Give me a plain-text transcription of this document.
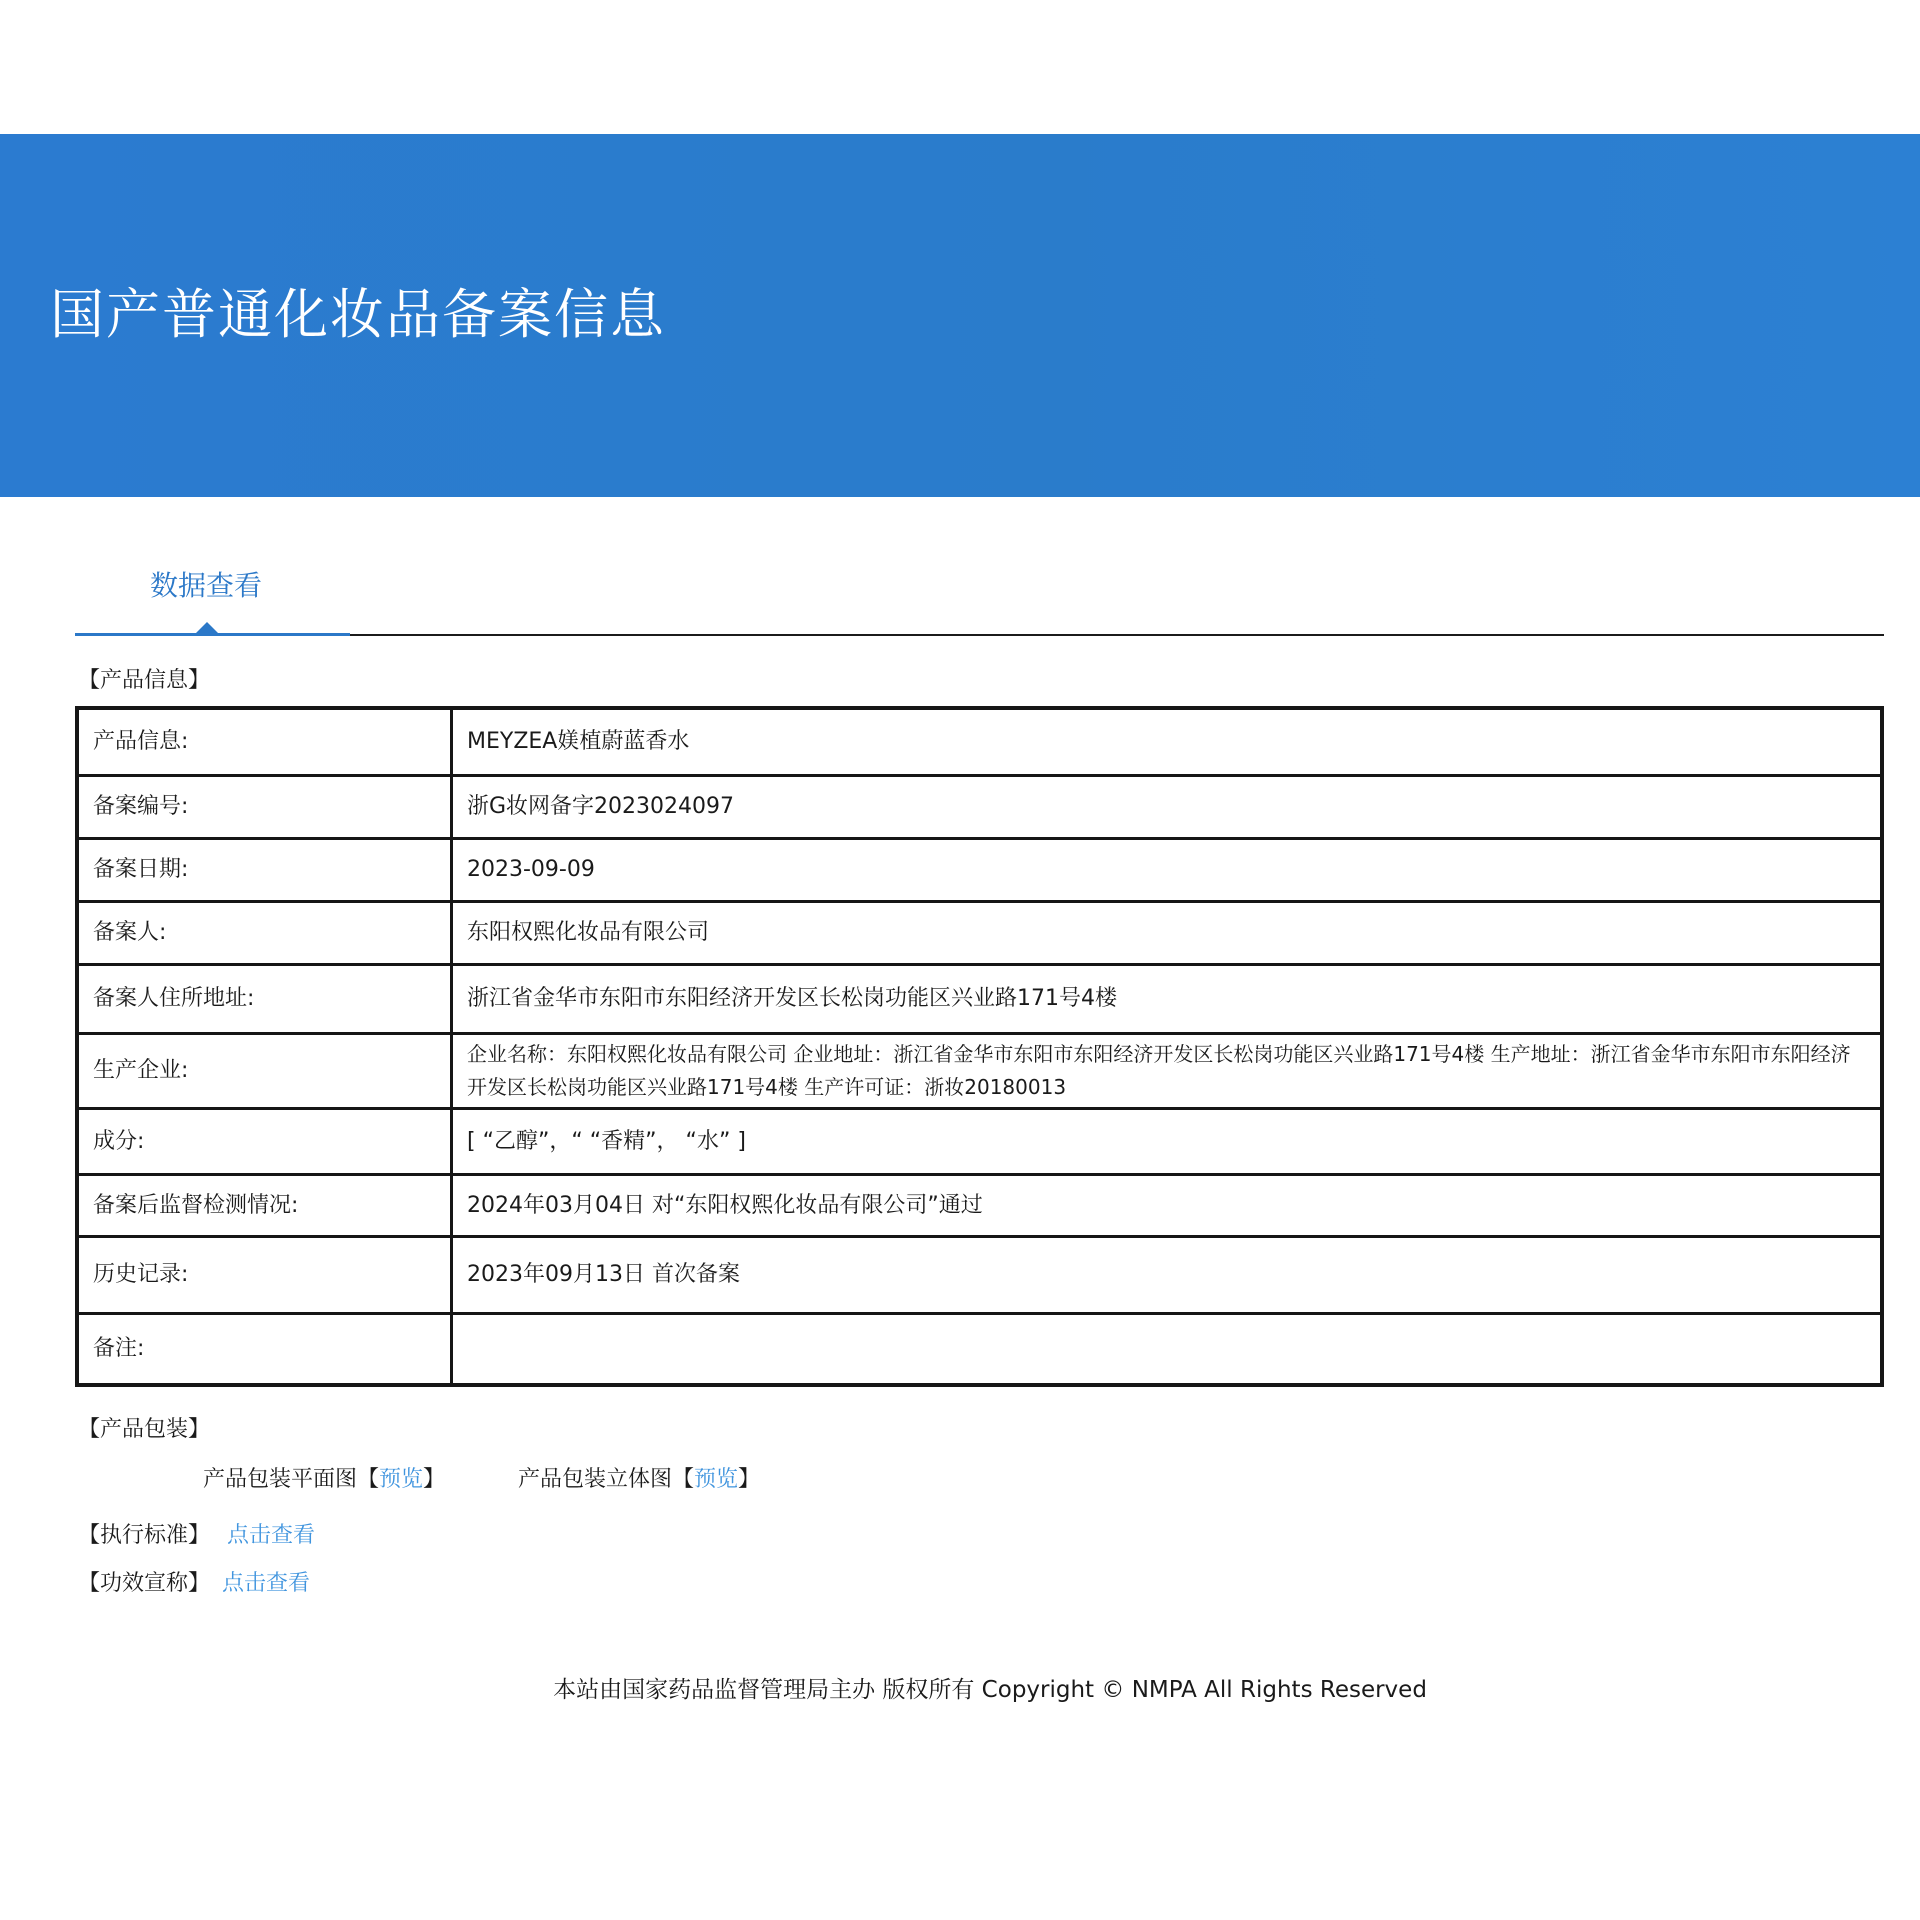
国产普通化妆品备案信息
数据查看
【产品信息】
产品信息:	MEYZEA媄植蔚蓝香水
备案编号:	浙G妆网备字2023024097
备案日期:	2023-09-09
备案人:	东阳权熙化妆品有限公司
备案人住所地址:	浙江省金华市东阳市东阳经济开发区长松岗功能区兴业路171号4楼
生产企业:	企业名称：东阳权熙化妆品有限公司 企业地址：浙江省金华市东阳市东阳经济开发区长松岗功能区兴业路171号4楼 生产地址：浙江省金华市东阳市东阳经济开发区长松岗功能区兴业路171号4楼 生产许可证：浙妆20180013
成分:	[ “乙醇”，“ “香精”， “水” ]
备案后监督检测情况:	2024年03月04日 对“东阳权熙化妆品有限公司”通过
历史记录:	2023年09月13日 首次备案
备注:	
【产品包装】
产品包装平面图【预览】	产品包装立体图【预览】
【执行标准】 点击查看
【功效宣称】 点击查看
本站由国家药品监督管理局主办 版权所有 Copyright © NMPA All Rights Reserved
